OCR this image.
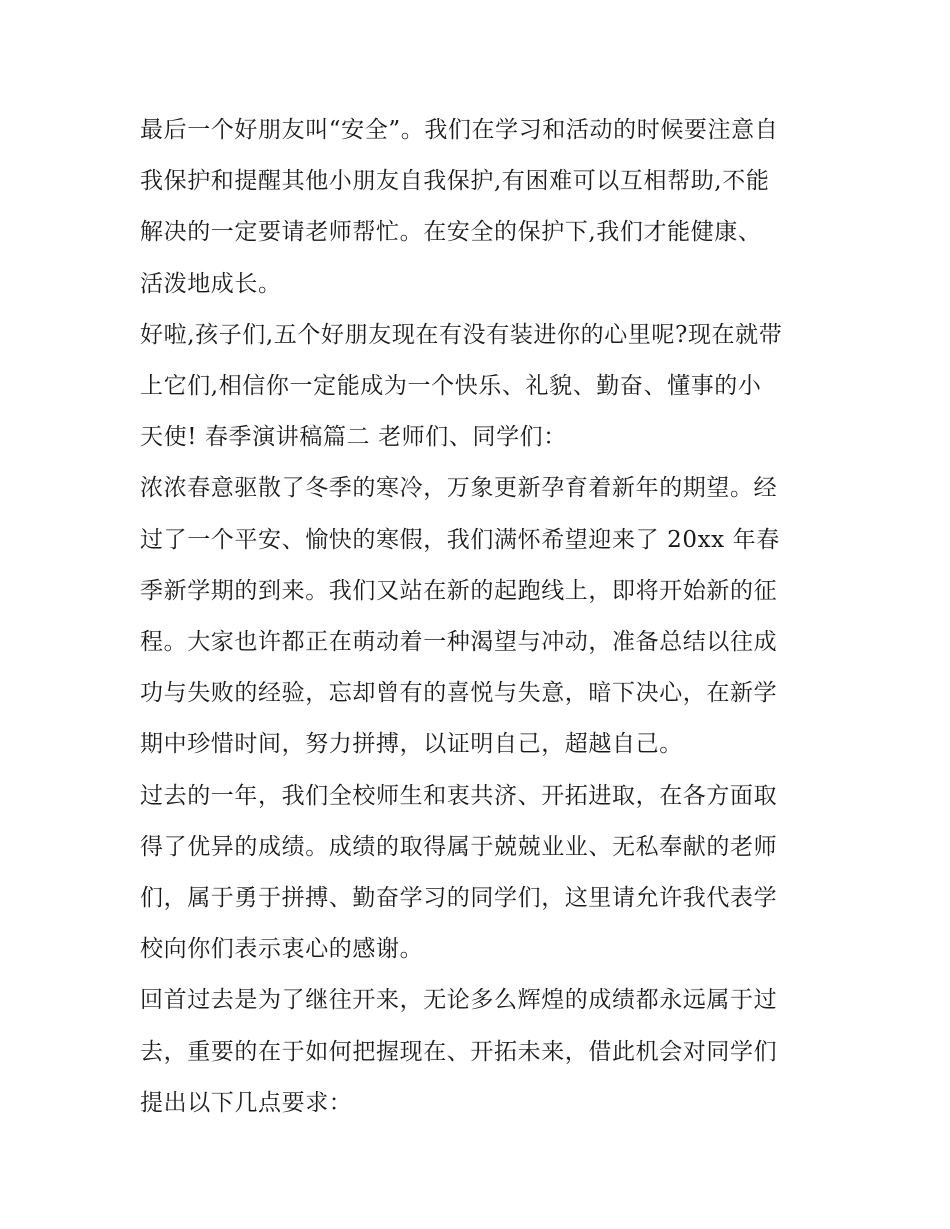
最后一个好朋友叫“安全”。我们在学习和活动的时候要注意自
我保护和提醒其他小朋友自我保护,有困难可以互相帮助,不能
解决的一定要请老师帮忙。在安全的保护下,我们才能健康、
活泼地成长。

好啦,孩子们,五个好朋友现在有没有装进你的心里呢?现在就带
上它们,相信你一定能成为一个快乐、礼貌、勤奋、懂事的小
天使! 春季演讲稿篇二 老师们、同学们：

浓浓春意驱散了冬季的寒冷，万象更新孕育着新年的期望。经
过了一个平安、愉快的寒假，我们满怀希望迎来了 20xx 年春
季新学期的到来。我们又站在新的起跑线上，即将开始新的征
程。大家也许都正在萌动着一种渴望与冲动，准备总结以往成
功与失败的经验，忘却曾有的喜悦与失意，暗下决心，在新学
期中珍惜时间，努力拼搏，以证明自己，超越自己。

过去的一年，我们全校师生和衷共济、开拓进取，在各方面取
得了优异的成绩。成绩的取得属于兢兢业业、无私奉献的老师
们，属于勇于拼搏、勤奋学习的同学们，这里请允许我代表学
校向你们表示衷心的感谢。

回首过去是为了继往开来，无论多么辉煌的成绩都永远属于过
去，重要的在于如何把握现在、开拓未来，借此机会对同学们
提出以下几点要求：
